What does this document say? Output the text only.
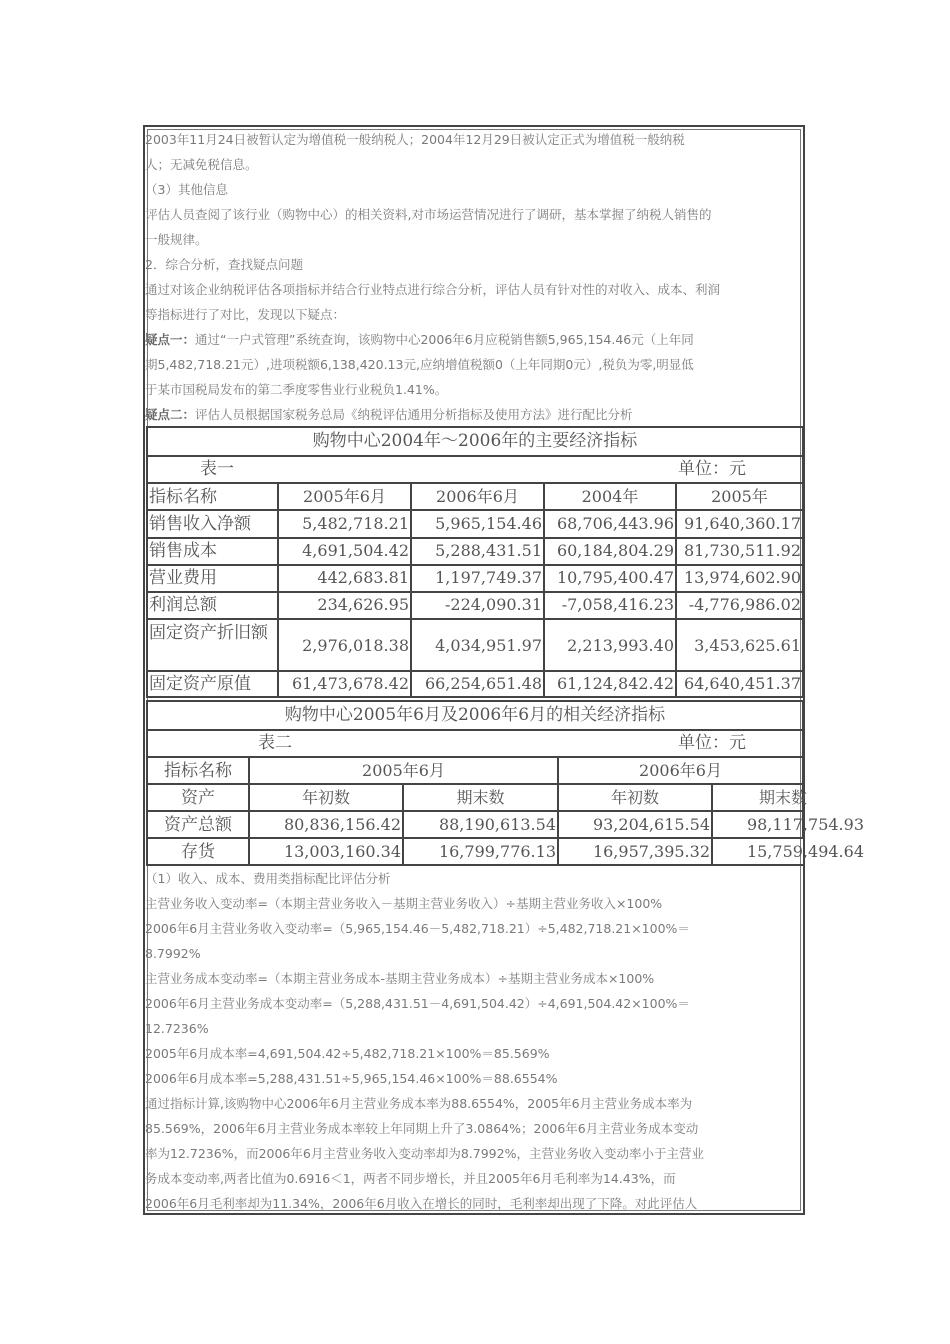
2003年11月24日被暂认定为增值税一般纳税人；2004年12月29日被认定正式为增值税一般纳税
人；无减免税信息。
（3）其他信息
评估人员查阅了该行业（购物中心）的相关资料,对市场运营情况进行了调研，基本掌握了纳税人销售的
一般规律。
2．综合分析，查找疑点问题
通过对该企业纳税评估各项指标并结合行业特点进行综合分析，评估人员有针对性的对收入、成本、利润
等指标进行了对比，发现以下疑点：
疑点一：通过“一户式管理”系统查询，该购物中心2006年6月应税销售额5,965,154.46元（上年同
期5,482,718.21元）,进项税额6,138,420.13元,应纳增值税额0（上年同期0元）,税负为零,明显低
于某市国税局发布的第二季度零售业行业税负1.41%。
疑点二：评估人员根据国家税务总局《纳税评估通用分析指标及使用方法》进行配比分析
购物中心2004年～2006年的主要经济指标
表一	单位：元
指标名称	2005年6月	2006年6月	2004年	2005年
销售收入净额	5,482,718.21	5,965,154.46 68,706,443.96 91,640,360.17
销售成本	4,691,504.42	5,288,431.51 60,184,804.29 81,730,511.92
营业费用	442,683.81	1,197,749.37 10,795,400.47 13,974,602.90
利润总额	234,626.95	-224,090.31	-7,058,416.23 -4,776,986.02
固定资产折旧额
2,976,018.38	4,034,951.97	2,213,993.40	3,453,625.61
固定资产原值	61,473,678.42 66,254,651.48 61,124,842.42 64,640,451.37
购物中心2005年6月及2006年6月的相关经济指标
表二	单位：元
指标名称	2005年6月	2006年6月
资产	年初数	期末数	年初数	期末数
资产总额	80,836,156.42	88,190,613.54	93,204,615.54	98,117,754.93
存货	13,003,160.34	16,799,776.13	16,957,395.32	15,759,494.64
（1）收入、成本、费用类指标配比评估分析
主营业务收入变动率=（本期主营业务收入－基期主营业务收入）÷基期主营业务收入×100%
2006年6月主营业务收入变动率=（5,965,154.46－5,482,718.21）÷5,482,718.21×100%＝
8.7992%
主营业务成本变动率=（本期主营业务成本-基期主营业务成本）÷基期主营业务成本×100%
2006年6月主营业务成本变动率=（5,288,431.51－4,691,504.42）÷4,691,504.42×100%＝
12.7236%
2005年6月成本率=4,691,504.42÷5,482,718.21×100%＝85.569%
2006年6月成本率=5,288,431.51÷5,965,154.46×100%＝88.6554%
通过指标计算,该购物中心2006年6月主营业务成本率为88.6554%，2005年6月主营业务成本率为
85.569%，2006年6月主营业务成本率较上年同期上升了3.0864%；2006年6月主营业务成本变动
率为12.7236%，而2006年6月主营业务收入变动率却为8.7992%，主营业务收入变动率小于主营业
务成本变动率,两者比值为0.6916＜1，两者不同步增长，并且2005年6月毛利率为14.43%，而
2006年6月毛利率却为11.34%，2006年6月收入在增长的同时，毛利率却出现了下降。对此评估人
